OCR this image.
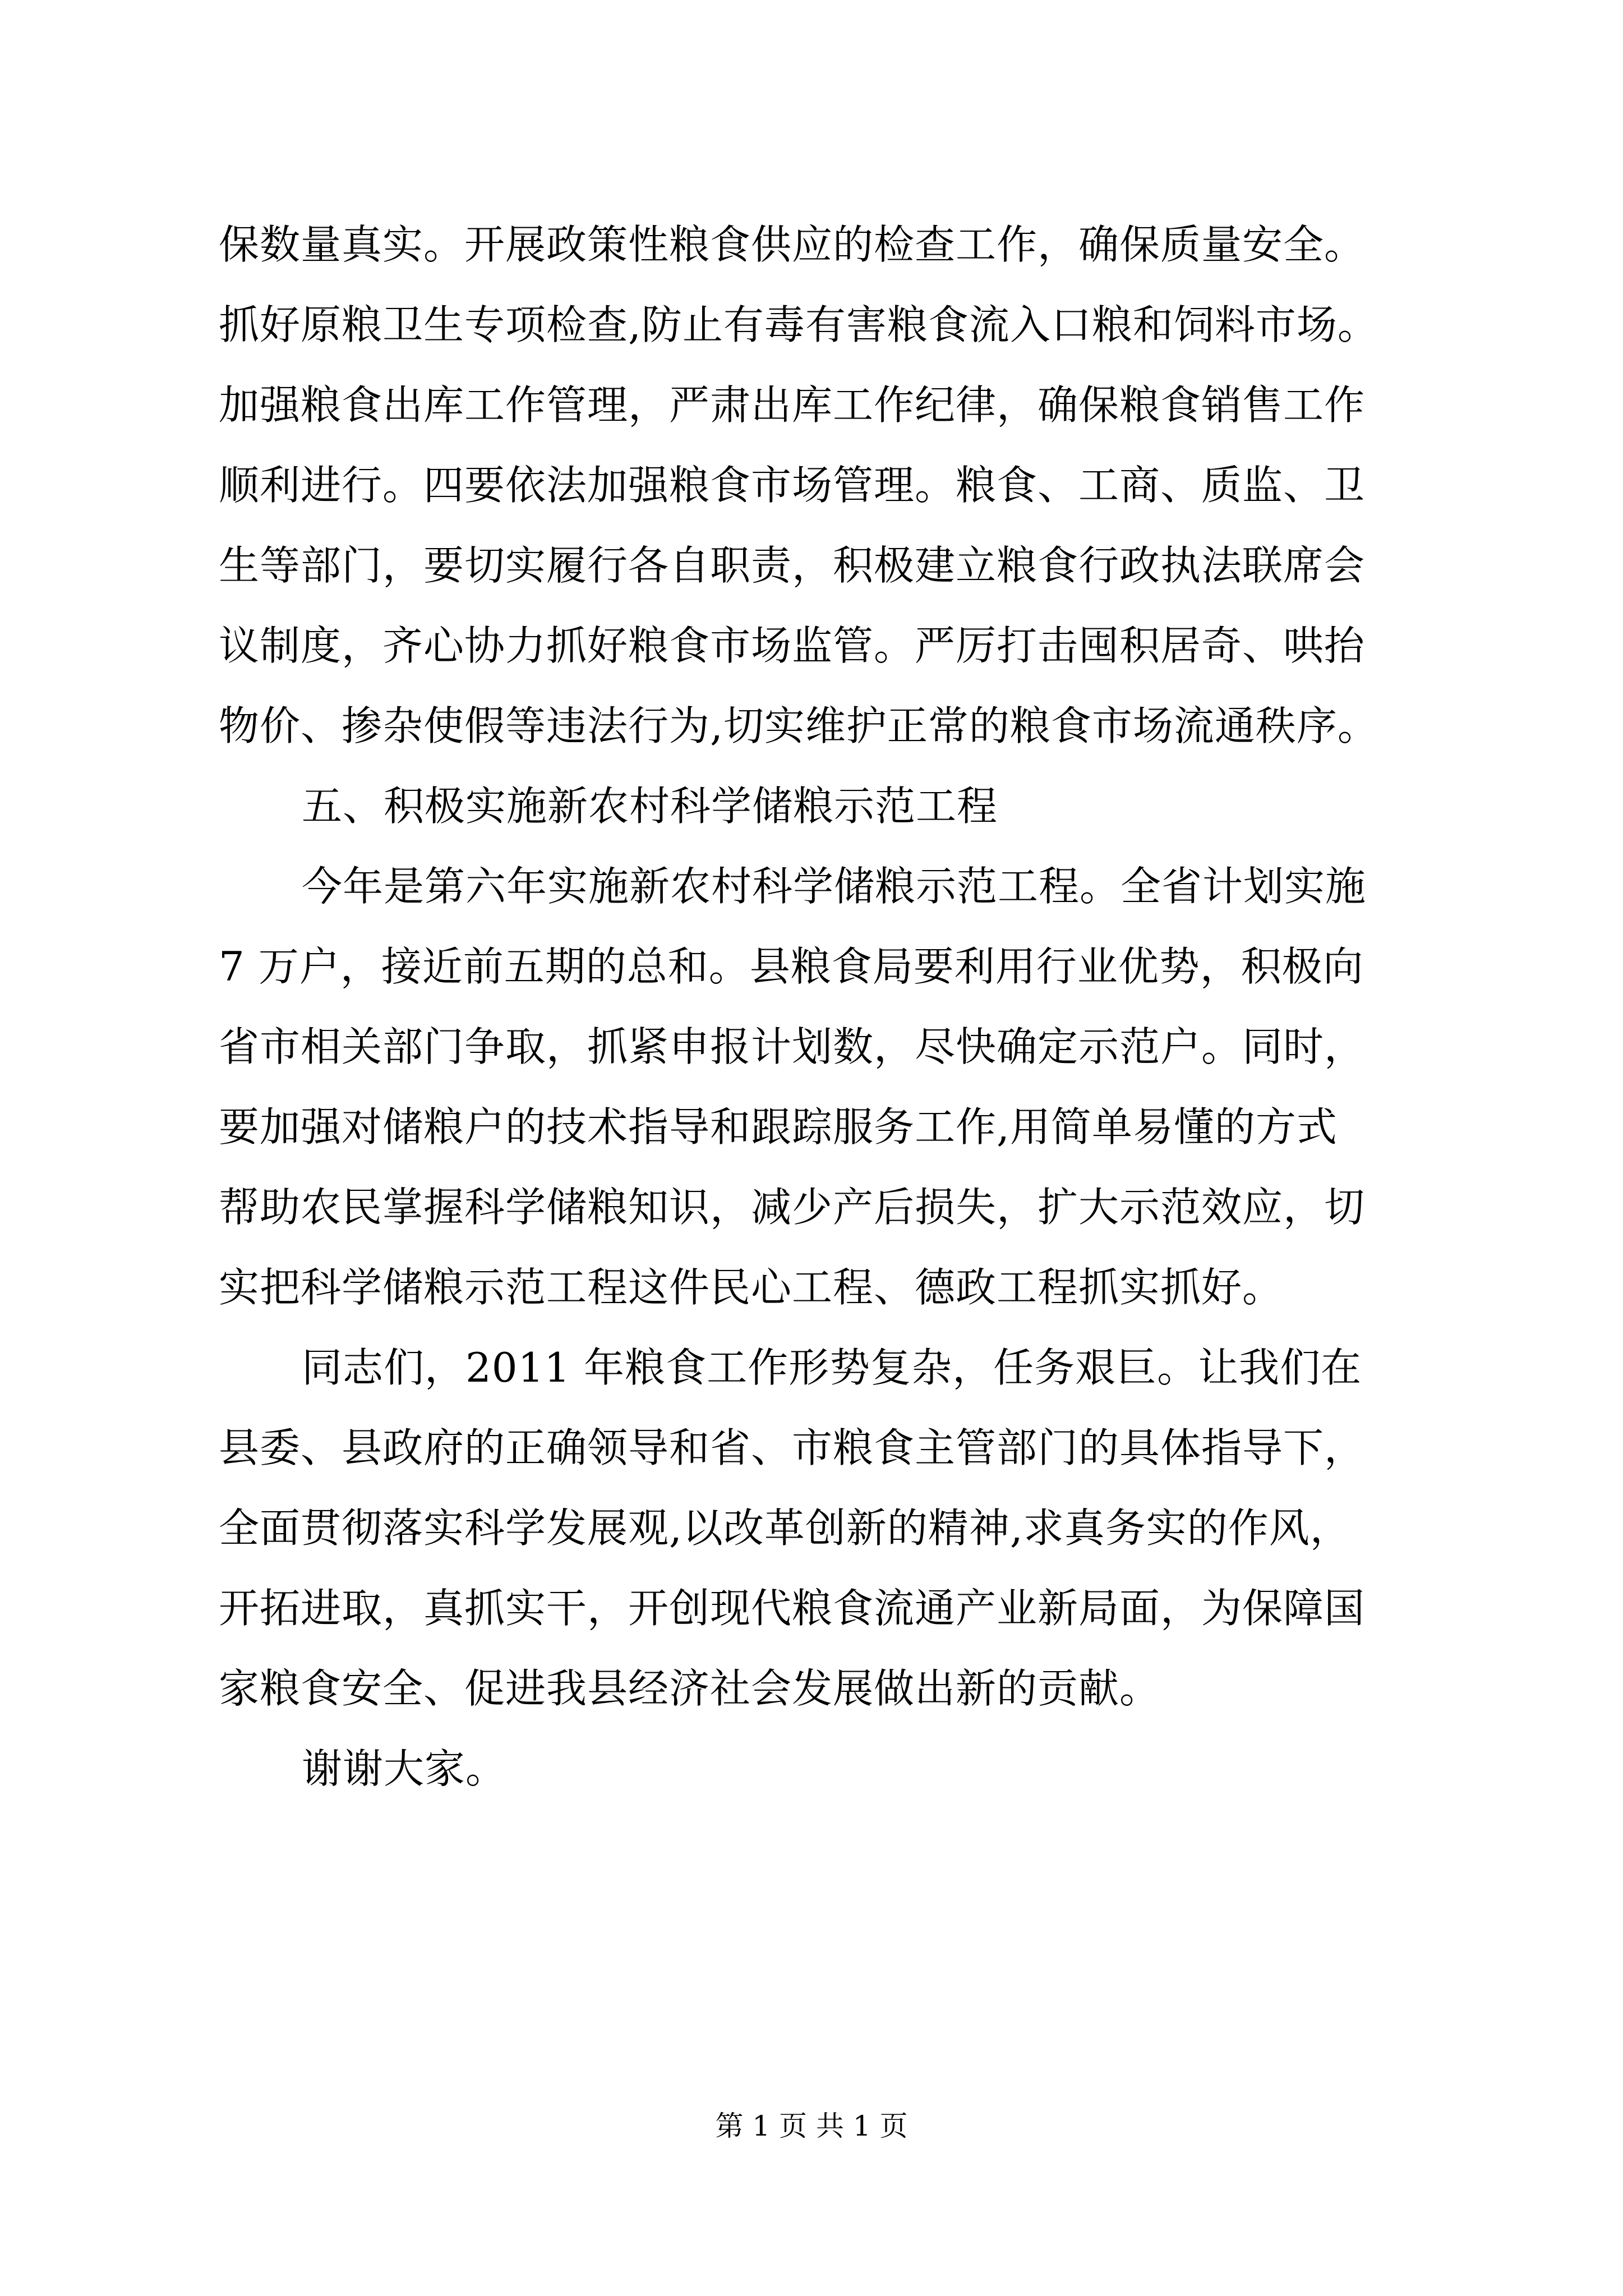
保数量真实。开展政策性粮食供应的检查工作，确保质量安全。
抓好原粮卫生专项检查,防止有毒有害粮食流入口粮和饲料市场。
加强粮食出库工作管理，严肃出库工作纪律，确保粮食销售工作
顺利进行。四要依法加强粮食市场管理。粮食、工商、质监、卫
生等部门，要切实履行各自职责，积极建立粮食行政执法联席会
议制度，齐心协力抓好粮食市场监管。严厉打击囤积居奇、哄抬
物价、掺杂使假等违法行为,切实维护正常的粮食市场流通秩序。
五、积极实施新农村科学储粮示范工程
今年是第六年实施新农村科学储粮示范工程。全省计划实施
7 万户，接近前五期的总和。县粮食局要利用行业优势，积极向
省市相关部门争取，抓紧申报计划数，尽快确定示范户。同时，
要加强对储粮户的技术指导和跟踪服务工作,用简单易懂的方式
帮助农民掌握科学储粮知识，减少产后损失，扩大示范效应，切
实把科学储粮示范工程这件民心工程、德政工程抓实抓好。
同志们，2011 年粮食工作形势复杂，任务艰巨。让我们在
县委、县政府的正确领导和省、市粮食主管部门的具体指导下，
全面贯彻落实科学发展观,以改革创新的精神,求真务实的作风，
开拓进取，真抓实干，开创现代粮食流通产业新局面，为保障国
家粮食安全、促进我县经济社会发展做出新的贡献。
谢谢大家。
第 1 页 共 1 页
